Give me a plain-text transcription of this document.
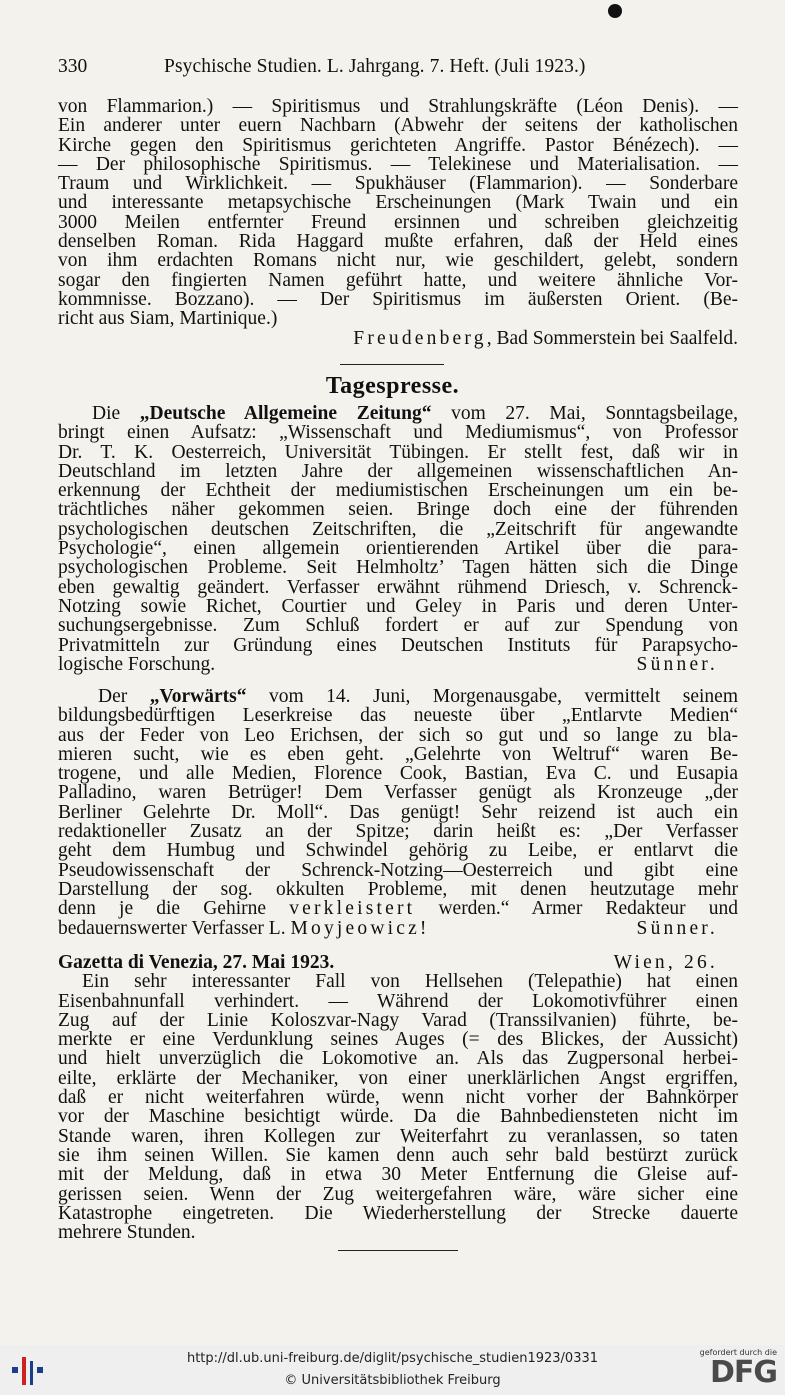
330	Psychische Studien. L. Jahrgang. 7. Heft. (Juli 1923.)
von Flammarion.) — Spiritismus und Strahlungskräfte (Léon Denis). —
Ein anderer unter euern Nachbarn (Abwehr der seitens der katholischen
Kirche gegen den Spiritismus gerichteten Angriffe. Pastor Bénézech). —
— Der philosophische Spiritismus. — Telekinese und Materialisation. —
Traum und Wirklichkeit. — Spukhäuser (Flammarion). — Sonderbare
und interessante metapsychische Erscheinungen (Mark Twain und ein
3000 Meilen entfernter Freund ersinnen und schreiben gleichzeitig
denselben Roman. Rida Haggard mußte erfahren, daß der Held eines
von ihm erdachten Romans nicht nur, wie geschildert, gelebt, sondern
sogar den fingierten Namen geführt hatte, und weitere ähnliche Vor-
kommnisse. Bozzano). — Der Spiritismus im äußersten Orient. (Be-
richt aus Siam, Martinique.)
Freudenberg, Bad Sommerstein bei Saalfeld.
Tagespresse.
Die „Deutsche Allgemeine Zeitung“ vom 27. Mai, Sonntagsbeilage,
bringt einen Aufsatz: „Wissenschaft und Mediumismus“, von Professor
Dr. T. K. Oesterreich, Universität Tübingen. Er stellt fest, daß wir in
Deutschland im letzten Jahre der allgemeinen wissenschaftlichen An-
erkennung der Echtheit der mediumistischen Erscheinungen um ein be-
trächtliches näher gekommen seien. Bringe doch eine der führenden
psychologischen deutschen Zeitschriften, die „Zeitschrift für angewandte
Psychologie“, einen allgemein orientierenden Artikel über die para-
psychologischen Probleme. Seit Helmholtz’ Tagen hätten sich die Dinge
eben gewaltig geändert. Verfasser erwähnt rühmend Driesch, v. Schrenck-
Notzing sowie Richet, Courtier und Geley in Paris und deren Unter-
suchungsergebnisse. Zum Schluß fordert er auf zur Spendung von
Privatmitteln zur Gründung eines Deutschen Instituts für Parapsycho-
logische Forschung.	Sünner.
Der „Vorwärts“ vom 14. Juni, Morgenausgabe, vermittelt seinem
bildungsbedürftigen Leserkreise das neueste über „Entlarvte Medien“
aus der Feder von Leo Erichsen, der sich so gut und so lange zu bla-
mieren sucht, wie es eben geht. „Gelehrte von Weltruf“ waren Be-
trogene, und alle Medien, Florence Cook, Bastian, Eva C. und Eusapia
Palladino, waren Betrüger! Dem Verfasser genügt als Kronzeuge „der
Berliner Gelehrte Dr. Moll“. Das genügt! Sehr reizend ist auch ein
redaktioneller Zusatz an der Spitze; darin heißt es: „Der Verfasser
geht dem Humbug und Schwindel gehörig zu Leibe, er entlarvt die
Pseudowissenschaft der Schrenck-Notzing—Oesterreich und gibt eine
Darstellung der sog. okkulten Probleme, mit denen heutzutage mehr
denn je die Gehirne verkleistert werden.“ Armer Redakteur und
bedauernswerter Verfasser L. Moyjeowicz!	Sünner.
Gazetta di Venezia, 27. Mai 1923.	Wien, 26.
Ein sehr interessanter Fall von Hellsehen (Telepathie) hat einen
Eisenbahnunfall verhindert. — Während der Lokomotivführer einen
Zug auf der Linie Koloszvar-Nagy Varad (Transsilvanien) führte, be-
merkte er eine Verdunklung seines Auges (= des Blickes, der Aussicht)
und hielt unverzüglich die Lokomotive an. Als das Zugpersonal herbei-
eilte, erklärte der Mechaniker, von einer unerklärlichen Angst ergriffen,
daß er nicht weiterfahren würde, wenn nicht vorher der Bahnkörper
vor der Maschine besichtigt würde. Da die Bahnbediensteten nicht im
Stande waren, ihren Kollegen zur Weiterfahrt zu veranlassen, so taten
sie ihm seinen Willen. Sie kamen denn auch sehr bald bestürzt zurück
mit der Meldung, daß in etwa 30 Meter Entfernung die Gleise auf-
gerissen seien. Wenn der Zug weitergefahren wäre, wäre sicher eine
Katastrophe eingetreten. Die Wiederherstellung der Strecke dauerte
mehrere Stunden.
http://dl.ub.uni-freiburg.de/diglit/psychische_studien1923/0331
© Universitätsbibliothek Freiburg
gefordert durch die
DFG
